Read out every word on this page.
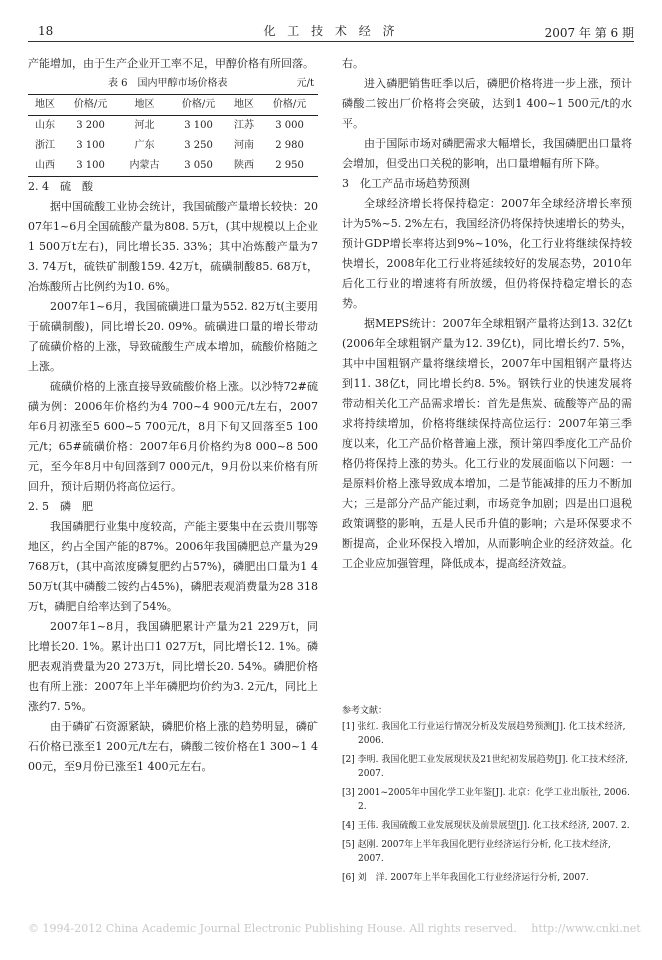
18	化 工 技 术 经 济	2007 年 第 6 期

产能增加，由于生产企业开工率不足，甲醇价格有所回落。

表 6　国内甲醇市场价格表	元/t
地区	价格/元	地区	价格/元	地区	价格/元
山东	3 200	河北	3 100	江苏	3 000
浙江	3 100	广东	3 250	河南	2 980
山西	3 100	内蒙古	3 050	陕西	2 950

2. 4　硫　酸

据中国硫酸工业协会统计，我国硫酸产量增长较快：2007年1~6月全国硫酸产量为808. 5万t，(其中规模以上企业1 500万t左右)，同比增长35. 33%；其中冶炼酸产量为73. 74万t，硫铁矿制酸159. 42万t，硫磺制酸85. 68万t，冶炼酸所占比例约为10. 6%。

2007年1~6月，我国硫磺进口量为552. 82万t(主要用于硫磺制酸)，同比增长20. 09%。硫磺进口量的增长带动了硫磺价格的上涨，导致硫酸生产成本增加，硫酸价格随之上涨。

硫磺价格的上涨直接导致硫酸价格上涨。以沙特72#硫磺为例：2006年价格约为4 700~4 900元/t左右，2007年6月初涨至5 600~5 700元/t，8月下旬又回落至5 100元/t；65#硫磺价格：2007年6月价格约为8 000~8 500元，至今年8月中旬回落到7 000元/t，9月份以来价格有所回升，预计后期仍将高位运行。

2. 5　磷　肥

我国磷肥行业集中度较高，产能主要集中在云贵川鄂等地区，约占全国产能的87%。2006年我国磷肥总产量为29 768万t，(其中高浓度磷复肥约占57%)，磷肥出口量为1 450万t(其中磷酸二铵约占45%)，磷肥表观消费量为28 318万t，磷肥自给率达到了54%。

2007年1~8月，我国磷肥累计产量为21 229万t，同比增长20. 1%。累计出口1 027万t，同比增长12. 1%。磷肥表观消费量为20 273万t，同比增长20. 54%。磷肥价格也有所上涨：2007年上半年磷肥均价约为3. 2元/t，同比上涨约7. 5%。

由于磷矿石资源紧缺，磷肥价格上涨的趋势明显，磷矿石价格已涨至1 200元/t左右，磷酸二铵价格在1 300~1 400元，至9月份已涨至1 400元左右。

右。

进入磷肥销售旺季以后，磷肥价格将进一步上涨，预计磷酸二铵出厂价格将会突破，达到1 400~1 500元/t的水平。

由于国际市场对磷肥需求大幅增长，我国磷肥出口量将会增加，但受出口关税的影响，出口量增幅有所下降。

3　化工产品市场趋势预测

全球经济增长将保持稳定：2007年全球经济增长率预计为5%~5. 2%左右，我国经济仍将保持快速增长的势头，预计GDP增长率将达到9%~10%，化工行业将继续保持较快增长，2008年化工行业将延续较好的发展态势，2010年后化工行业的增速将有所放缓，但仍将保持稳定增长的态势。

据MEPS统计：2007年全球粗钢产量将达到13. 32亿t(2006年全球粗钢产量为12. 39亿t)，同比增长约7. 5%，其中中国粗钢产量将继续增长，2007年中国粗钢产量将达到11. 38亿t，同比增长约8. 5%。钢铁行业的快速发展将带动相关化工产品需求增长：首先是焦炭、硫酸等产品的需求将持续增加，价格将继续保持高位运行：2007年第三季度以来，化工产品价格普遍上涨，预计第四季度化工产品价格仍将保持上涨的势头。化工行业的发展面临以下问题：一是原料价格上涨导致成本增加，二是节能减排的压力不断加大；三是部分产品产能过剩，市场竞争加剧；四是出口退税政策调整的影响，五是人民币升值的影响；六是环保要求不断提高，企业环保投入增加，从而影响企业的经济效益。化工企业应加强管理，降低成本，提高经济效益。

参考文献：

[1] 张红. 我国化工行业运行情况分析及发展趋势预测[J]. 化工技术经济, 2006.

[2] 李明. 我国化肥工业发展现状及21世纪初发展趋势[J]. 化工技术经济, 2007.

[3] 2001~2005年中国化学工业年鉴[J]. 北京：化学工业出版社, 2006. 2.

[4] 王伟. 我国硫酸工业发展现状及前景展望[J]. 化工技术经济, 2007. 2.

[5] 赵刚. 2007年上半年我国化肥行业经济运行分析, 化工技术经济, 2007.

[6] 刘　洋. 2007年上半年我国化工行业经济运行分析, 2007.

© 1994-2012 China Academic Journal Electronic Publishing House. All rights reserved.　 http://www.cnki.net
